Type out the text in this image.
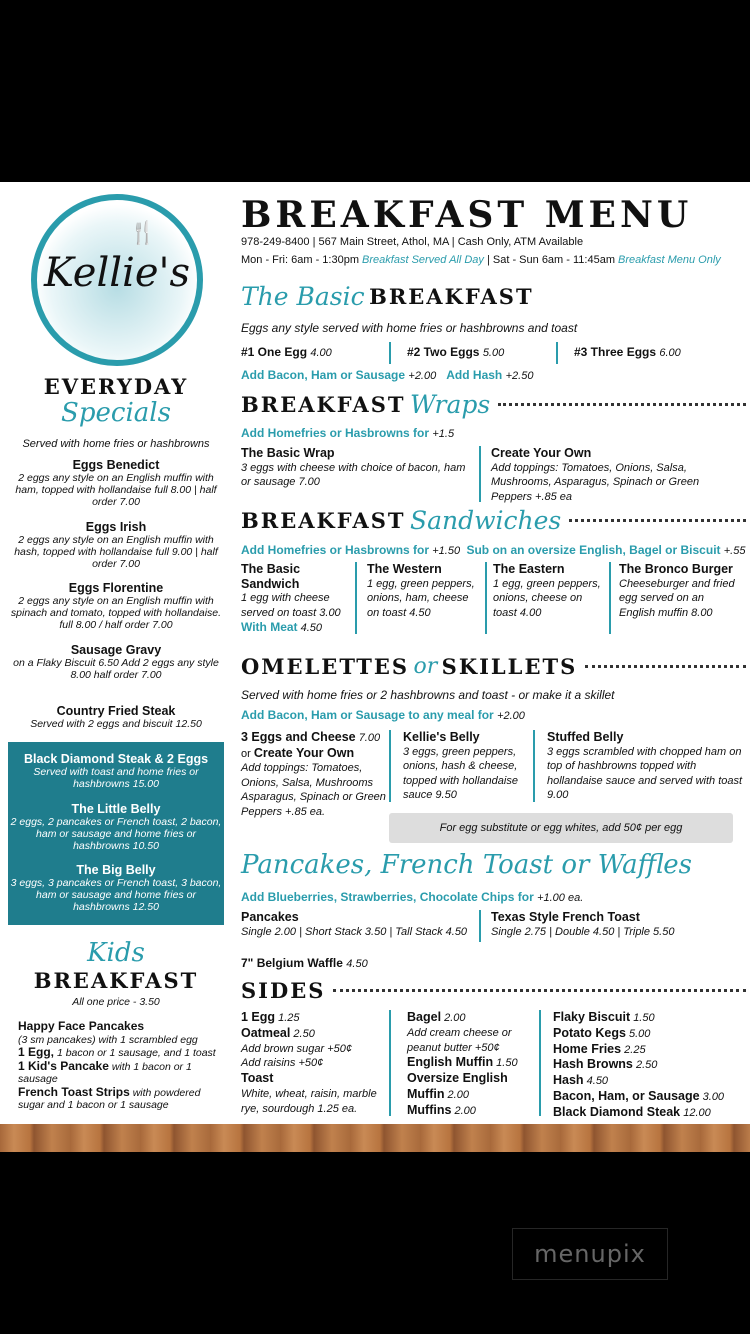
🍴
Kellie's
EVERYDAY
Specials
Served with home fries or hashbrowns
Eggs Benedict
2 eggs any style on an English muffin with ham, topped with hollandaise full 8.00 | half order 7.00
Eggs Irish
2 eggs any style on an English muffin with hash, topped with hollandaise full 9.00 | half order 7.00
Eggs Florentine
2 eggs any style on an English muffin with spinach and tomato, topped with hollandaise. full 8.00 / half order 7.00
Sausage Gravy
on a Flaky Biscuit 6.50 Add 2 eggs any style 8.00 half order 7.00
Country Fried Steak
Served with 2 eggs and biscuit 12.50
Black Diamond Steak & 2 Eggs
Served with toast and home fries or hashbrowns 15.00
The Little Belly
2 eggs, 2 pancakes or French toast, 2 bacon, ham or sausage and home fries or hashbrowns 10.50
The Big Belly
3 eggs, 3 pancakes or French toast, 3 bacon, ham or sausage and home fries or hashbrowns 12.50
Kids
BREAKFAST
All one price - 3.50
Happy Face Pancakes
(3 sm pancakes) with 1 scrambled egg
1 Egg, 1 bacon or 1 sausage, and 1 toast
1 Kid's Pancake with 1 bacon or 1 sausage
French Toast Strips with powdered sugar and 1 bacon or 1 sausage
BREAKFAST MENU
978-249-8400 | 567 Main Street, Athol, MA | Cash Only, ATM Available
Mon - Fri: 6am - 1:30pm Breakfast Served All Day | Sat - Sun 6am - 11:45am Breakfast Menu Only
The Basic
BREAKFAST
Eggs any style served with home fries or hashbrowns and toast
#1 One Egg 4.00	#2 Two Eggs 5.00	#3 Three Eggs 6.00
Add Bacon, Ham or Sausage +2.00 Add Hash +2.50
BREAKFAST
Wraps
Add Homefries or Hasbrowns for +1.5
The Basic Wrap
3 eggs with cheese with choice of bacon, ham or sausage 7.00
Create Your Own
Add toppings: Tomatoes, Onions, Salsa, Mushrooms, Asparagus, Spinach or Green Peppers +.85 ea
BREAKFAST
Sandwiches
Add Homefries or Hasbrowns for +1.50 Sub on an oversize English, Bagel or Biscuit +.55
The Basic Sandwich
1 egg with cheese served on toast 3.00
With Meat 4.50
The Western
1 egg, green peppers, onions, ham, cheese on toast 4.50
The Eastern
1 egg, green peppers, onions, cheese on toast 4.00
The Bronco Burger
Cheeseburger and fried egg served on an English muffin 8.00
OMELETTES
or
SKILLETS
Served with home fries or 2 hashbrowns and toast - or make it a skillet
Add Bacon, Ham or Sausage to any meal for +2.00
3 Eggs and Cheese 7.00
or Create Your Own
Add toppings: Tomatoes, Onions, Salsa, Mushrooms Asparagus, Spinach or Green Peppers +.85 ea.
Kellie's Belly
3 eggs, green peppers, onions, hash & cheese, topped with hollandaise sauce 9.50
Stuffed Belly
3 eggs scrambled with chopped ham on top of hashbrowns topped with hollandaise sauce and served with toast 9.00
For egg substitute or egg whites, add 50¢ per egg
Pancakes, French Toast or Waffles
Add Blueberries, Strawberries, Chocolate Chips for +1.00 ea.
Pancakes
Single 2.00 | Short Stack 3.50 | Tall Stack 4.50
Texas Style French Toast
Single 2.75 | Double 4.50 | Triple 5.50
7" Belgium Waffle 4.50
SIDES
1 Egg 1.25
Oatmeal 2.50
Add brown sugar +50¢
Add raisins +50¢
Toast
White, wheat, raisin, marble rye, sourdough 1.25 ea.
Bagel 2.00
Add cream cheese or peanut butter +50¢
English Muffin 1.50
Oversize English Muffin 2.00
Muffins 2.00
Flaky Biscuit 1.50
Potato Kegs 5.00
Home Fries 2.25
Hash Browns 2.50
Hash 4.50
Bacon, Ham, or Sausage 3.00
Black Diamond Steak 12.00
menupix
